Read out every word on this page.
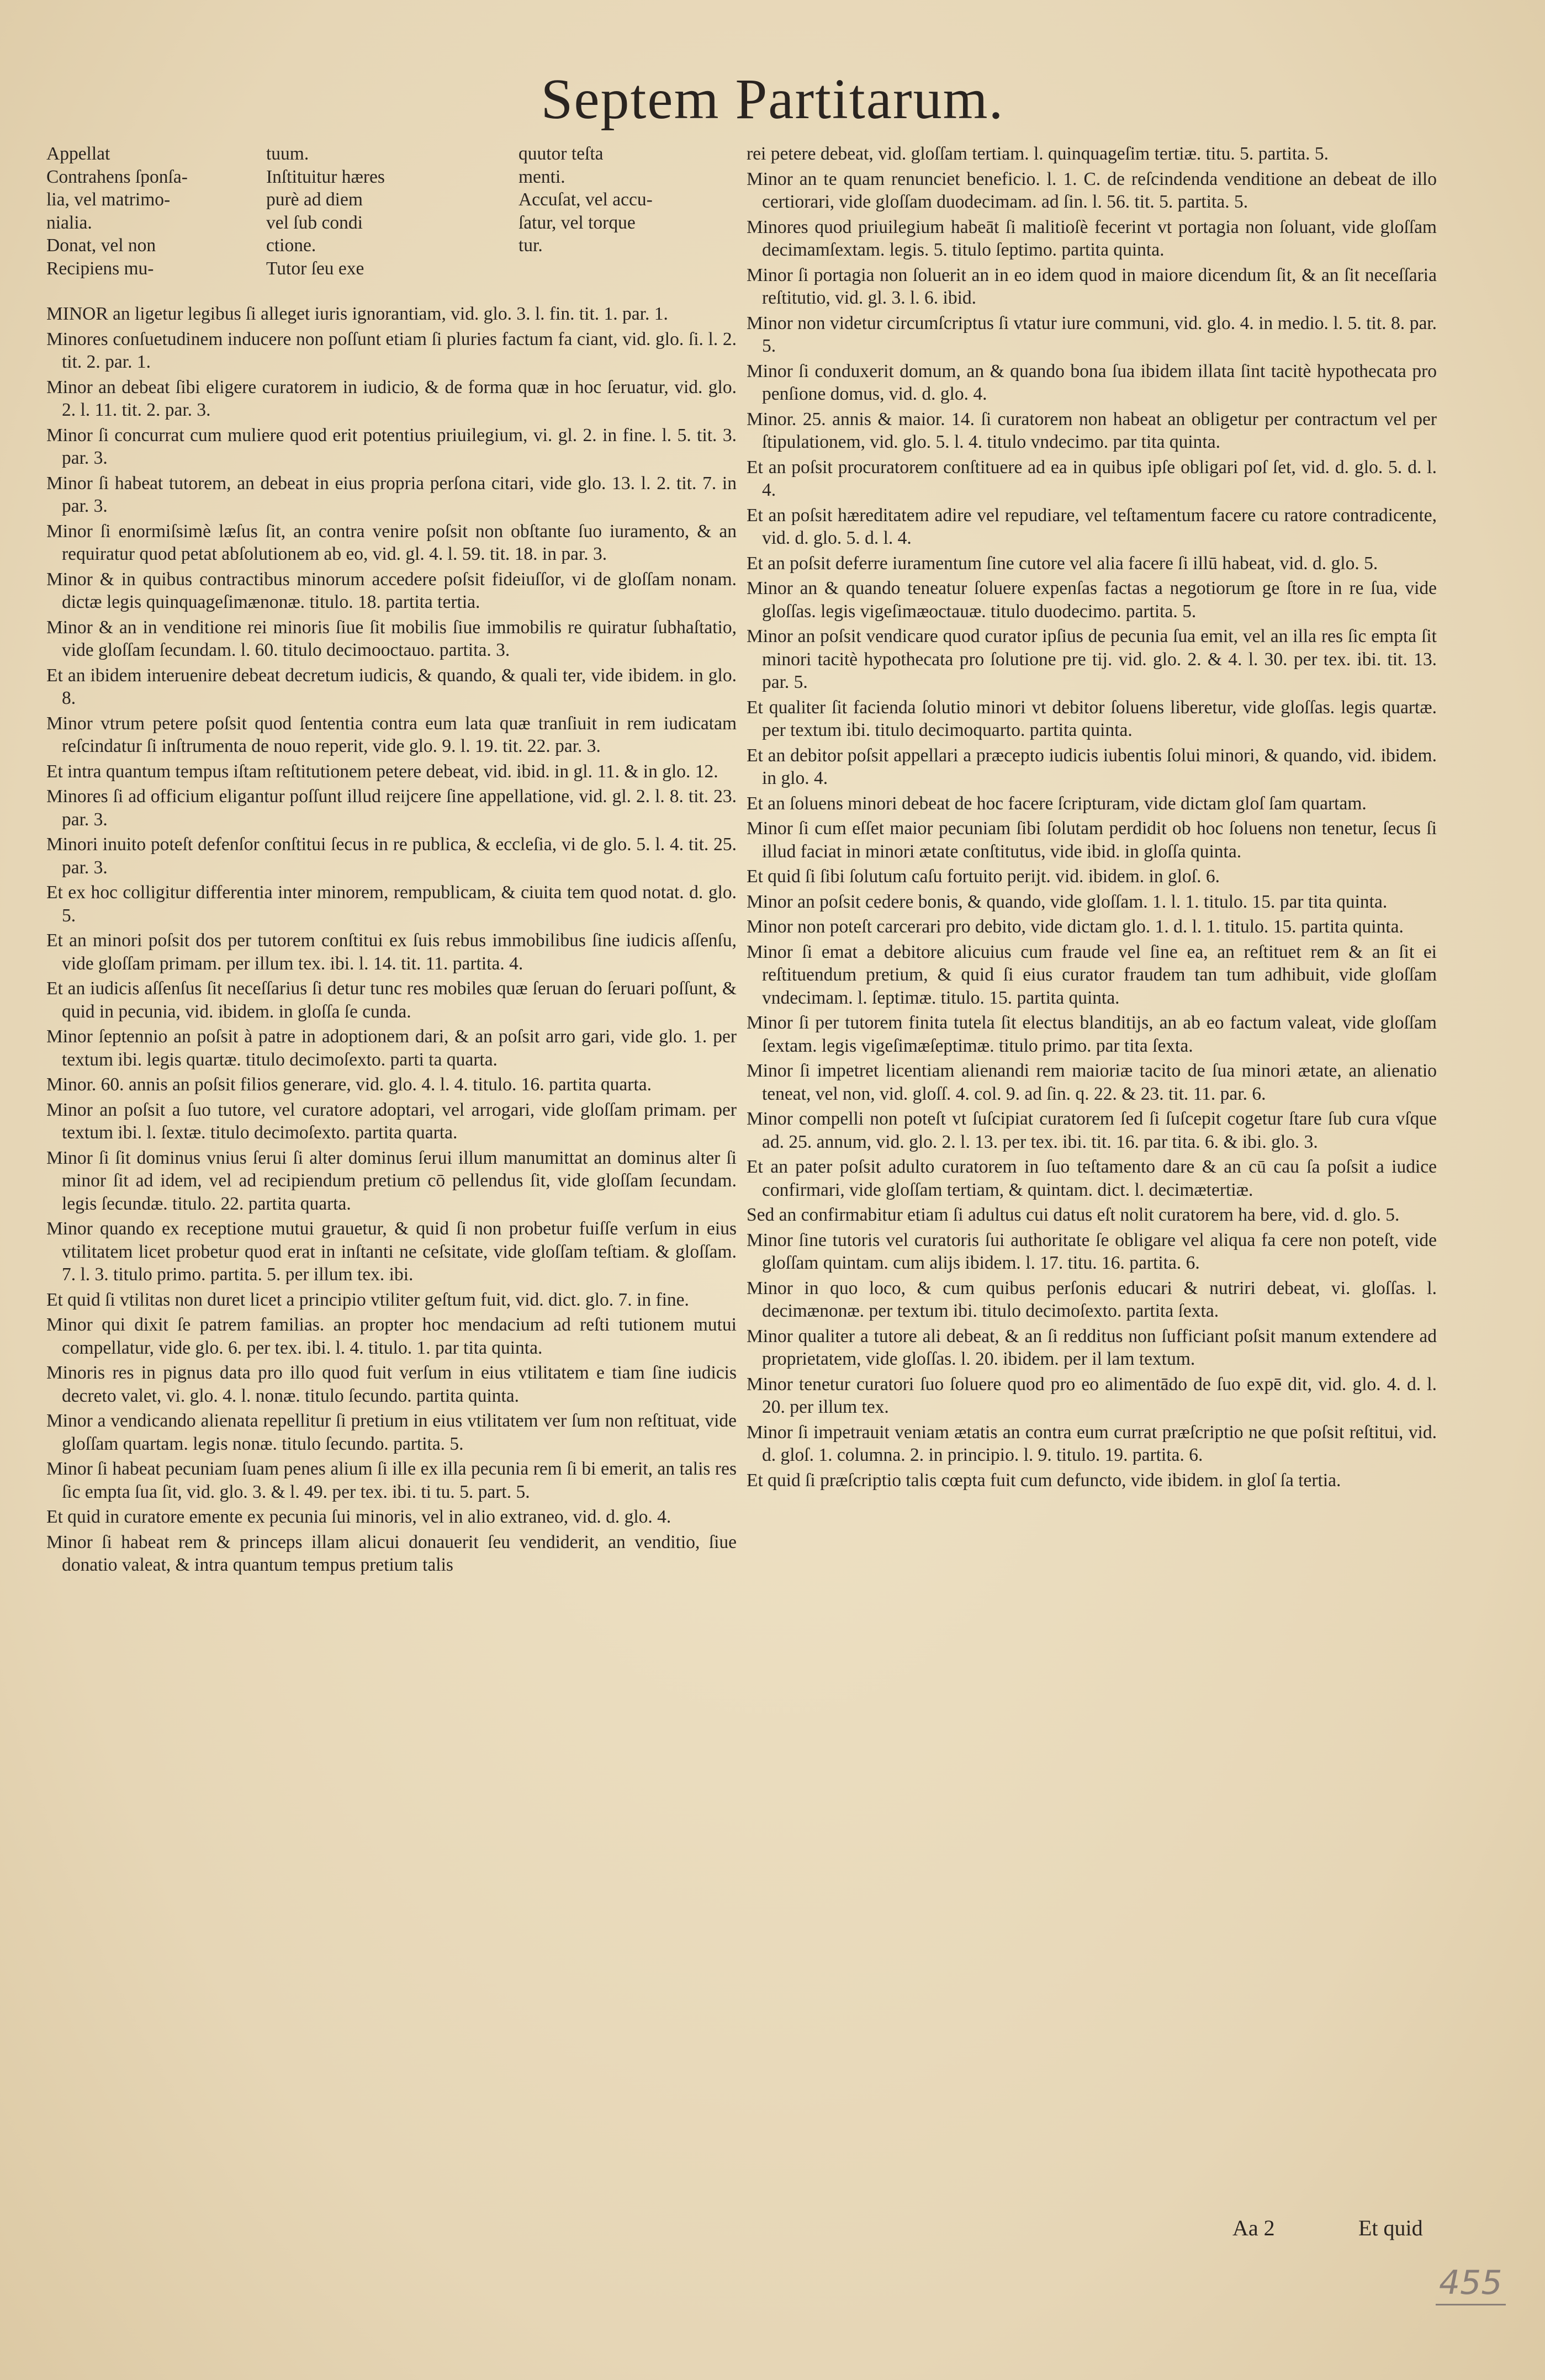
Septem Partitarum.
Appellat
Contrahens ſponſa-
lia, vel matrimo-
nialia.
Donat, vel non
Recipiens mu-
tuum.
Inſtituitur hæres
purè ad diem
vel ſub condi
ctione.
Tutor ſeu exe
quutor teſta
menti.
Accuſat, vel accu-
ſatur, vel torque
tur.
MINOR an ligetur legibus ſi alleget iuris ignorantiam, vid. glo. 3. l. fin. tit. 1. par. 1.
Minores conſuetudinem inducere non poſſunt etiam ſi pluries factum fa ciant, vid. glo. ſi. l. 2. tit. 2. par. 1.
Minor an debeat ſibi eligere curatorem in iudicio, & de forma quæ in hoc ſeruatur, vid. glo. 2. l. 11. tit. 2. par. 3.
Minor ſi concurrat cum muliere quod erit potentius priuilegium, vi. gl. 2. in fine. l. 5. tit. 3. par. 3.
Minor ſi habeat tutorem, an debeat in eius propria perſona citari, vide glo. 13. l. 2. tit. 7. in par. 3.
Minor ſi enormiſsimè læſus ſit, an contra venire poſsit non obſtante ſuo iuramento, & an requiratur quod petat abſolutionem ab eo, vid. gl. 4. l. 59. tit. 18. in par. 3.
Minor & in quibus contractibus minorum accedere poſsit fideiuſſor, vi de gloſſam nonam. dictæ legis quinquageſimænonæ. titulo. 18. partita tertia.
Minor & an in venditione rei minoris ſiue ſit mobilis ſiue immobilis re quiratur ſubhaſtatio, vide gloſſam ſecundam. l. 60. titulo decimooctauo. partita. 3.
Et an ibidem interuenire debeat decretum iudicis, & quando, & quali ter, vide ibidem. in glo. 8.
Minor vtrum petere poſsit quod ſententia contra eum lata quæ tranſiuit in rem iudicatam reſcindatur ſi inſtrumenta de nouo reperit, vide glo. 9. l. 19. tit. 22. par. 3.
Et intra quantum tempus iſtam reſtitutionem petere debeat, vid. ibid. in gl. 11. & in glo. 12.
Minores ſi ad officium eligantur poſſunt illud reijcere ſine appellatione, vid. gl. 2. l. 8. tit. 23. par. 3.
Minori inuito poteſt defenſor conſtitui ſecus in re publica, & eccleſia, vi de glo. 5. l. 4. tit. 25. par. 3.
Et ex hoc colligitur differentia inter minorem, rempublicam, & ciuita tem quod notat. d. glo. 5.
Et an minori poſsit dos per tutorem conſtitui ex ſuis rebus immobilibus ſine iudicis aſſenſu, vide gloſſam primam. per illum tex. ibi. l. 14. tit. 11. partita. 4.
Et an iudicis aſſenſus ſit neceſſarius ſi detur tunc res mobiles quæ ſeruan do ſeruari poſſunt, & quid in pecunia, vid. ibidem. in gloſſa ſe cunda.
Minor ſeptennio an poſsit à patre in adoptionem dari, & an poſsit arro gari, vide glo. 1. per textum ibi. legis quartæ. titulo decimoſexto. parti ta quarta.
Minor. 60. annis an poſsit filios generare, vid. glo. 4. l. 4. titulo. 16. partita quarta.
Minor an poſsit a ſuo tutore, vel curatore adoptari, vel arrogari, vide gloſſam primam. per textum ibi. l. ſextæ. titulo decimoſexto. partita quarta.
Minor ſi ſit dominus vnius ſerui ſi alter dominus ſerui illum manumittat an dominus alter ſi minor ſit ad idem, vel ad recipiendum pretium cō pellendus ſit, vide gloſſam ſecundam. legis ſecundæ. titulo. 22. partita quarta.
Minor quando ex receptione mutui grauetur, & quid ſi non probetur fuiſſe verſum in eius vtilitatem licet probetur quod erat in inſtanti ne ceſsitate, vide gloſſam teſtiam. & gloſſam. 7. l. 3. titulo primo. partita. 5. per illum tex. ibi.
Et quid ſi vtilitas non duret licet a principio vtiliter geſtum fuit, vid. dict. glo. 7. in fine.
Minor qui dixit ſe patrem familias. an propter hoc mendacium ad reſti tutionem mutui compellatur, vide glo. 6. per tex. ibi. l. 4. titulo. 1. par tita quinta.
Minoris res in pignus data pro illo quod fuit verſum in eius vtilitatem e tiam ſine iudicis decreto valet, vi. glo. 4. l. nonæ. titulo ſecundo. partita quinta.
Minor a vendicando alienata repellitur ſi pretium in eius vtilitatem ver ſum non reſtituat, vide gloſſam quartam. legis nonæ. titulo ſecundo. partita. 5.
Minor ſi habeat pecuniam ſuam penes alium ſi ille ex illa pecunia rem ſi bi emerit, an talis res ſic empta ſua ſit, vid. glo. 3. & l. 49. per tex. ibi. ti tu. 5. part. 5.
Et quid in curatore emente ex pecunia ſui minoris, vel in alio extraneo, vid. d. glo. 4.
Minor ſi habeat rem & princeps illam alicui donauerit ſeu vendiderit, an venditio, ſiue donatio valeat, & intra quantum tempus pretium talis
rei petere debeat, vid. gloſſam tertiam. l. quinquageſim tertiæ. titu. 5. partita. 5.
Minor an te quam renunciet beneficio. l. 1. C. de reſcindenda venditione an debeat de illo certiorari, vide gloſſam duodecimam. ad ſin. l. 56. tit. 5. partita. 5.
Minores quod priuilegium habeāt ſi malitioſè fecerint vt portagia non ſoluant, vide gloſſam decimamſextam. legis. 5. titulo ſeptimo. partita quinta.
Minor ſi portagia non ſoluerit an in eo idem quod in maiore dicendum ſit, & an ſit neceſſaria reſtitutio, vid. gl. 3. l. 6. ibid.
Minor non videtur circumſcriptus ſi vtatur iure communi, vid. glo. 4. in medio. l. 5. tit. 8. par. 5.
Minor ſi conduxerit domum, an & quando bona ſua ibidem illata ſint tacitè hypothecata pro penſione domus, vid. d. glo. 4.
Minor. 25. annis & maior. 14. ſi curatorem non habeat an obligetur per contractum vel per ſtipulationem, vid. glo. 5. l. 4. titulo vndecimo. par tita quinta.
Et an poſsit procuratorem conſtituere ad ea in quibus ipſe obligari poſ ſet, vid. d. glo. 5. d. l. 4.
Et an poſsit hæreditatem adire vel repudiare, vel teſtamentum facere cu ratore contradicente, vid. d. glo. 5. d. l. 4.
Et an poſsit deferre iuramentum ſine cutore vel alia facere ſi illū habeat, vid. d. glo. 5.
Minor an & quando teneatur ſoluere expenſas factas a negotiorum ge ſtore in re ſua, vide gloſſas. legis vigeſimæoctauæ. titulo duodecimo. partita. 5.
Minor an poſsit vendicare quod curator ipſius de pecunia ſua emit, vel an illa res ſic empta ſit minori tacitè hypothecata pro ſolutione pre tij. vid. glo. 2. & 4. l. 30. per tex. ibi. tit. 13. par. 5.
Et qualiter ſit facienda ſolutio minori vt debitor ſoluens liberetur, vide gloſſas. legis quartæ. per textum ibi. titulo decimoquarto. partita quinta.
Et an debitor poſsit appellari a præcepto iudicis iubentis ſolui minori, & quando, vid. ibidem. in glo. 4.
Et an ſoluens minori debeat de hoc facere ſcripturam, vide dictam gloſ ſam quartam.
Minor ſi cum eſſet maior pecuniam ſibi ſolutam perdidit ob hoc ſoluens non tenetur, ſecus ſi illud faciat in minori ætate conſtitutus, vide ibid. in gloſſa quinta.
Et quid ſi ſibi ſolutum caſu fortuito perijt. vid. ibidem. in gloſ. 6.
Minor an poſsit cedere bonis, & quando, vide gloſſam. 1. l. 1. titulo. 15. par tita quinta.
Minor non poteſt carcerari pro debito, vide dictam glo. 1. d. l. 1. titulo. 15. partita quinta.
Minor ſi emat a debitore alicuius cum fraude vel ſine ea, an reſtituet rem & an ſit ei reſtituendum pretium, & quid ſi eius curator fraudem tan tum adhibuit, vide gloſſam vndecimam. l. ſeptimæ. titulo. 15. partita quinta.
Minor ſi per tutorem finita tutela ſit electus blanditijs, an ab eo factum valeat, vide gloſſam ſextam. legis vigeſimæſeptimæ. titulo primo. par tita ſexta.
Minor ſi impetret licentiam alienandi rem maioriæ tacito de ſua minori ætate, an alienatio teneat, vel non, vid. gloſſ. 4. col. 9. ad ſin. q. 22. & 23. tit. 11. par. 6.
Minor compelli non poteſt vt ſuſcipiat curatorem ſed ſi ſuſcepit cogetur ſtare ſub cura vſque ad. 25. annum, vid. glo. 2. l. 13. per tex. ibi. tit. 16. par tita. 6. & ibi. glo. 3.
Et an pater poſsit adulto curatorem in ſuo teſtamento dare & an cū cau ſa poſsit a iudice confirmari, vide gloſſam tertiam, & quintam. dict. l. decimætertiæ.
Sed an confirmabitur etiam ſi adultus cui datus eſt nolit curatorem ha bere, vid. d. glo. 5.
Minor ſine tutoris vel curatoris ſui authoritate ſe obligare vel aliqua fa cere non poteſt, vide gloſſam quintam. cum alijs ibidem. l. 17. titu. 16. partita. 6.
Minor in quo loco, & cum quibus perſonis educari & nutriri debeat, vi. gloſſas. l. decimænonæ. per textum ibi. titulo decimoſexto. partita ſexta.
Minor qualiter a tutore ali debeat, & an ſi redditus non ſufficiant poſsit manum extendere ad proprietatem, vide gloſſas. l. 20. ibidem. per il lam textum.
Minor tenetur curatori ſuo ſoluere quod pro eo alimentādo de ſuo expē dit, vid. glo. 4. d. l. 20. per illum tex.
Minor ſi impetrauit veniam ætatis an contra eum currat præſcriptio ne que poſsit reſtitui, vid. d. gloſ. 1. columna. 2. in principio. l. 9. titulo. 19. partita. 6.
Et quid ſi præſcriptio talis cœpta fuit cum defuncto, vide ibidem. in gloſ ſa tertia.
Aa 2	Et quid
455
